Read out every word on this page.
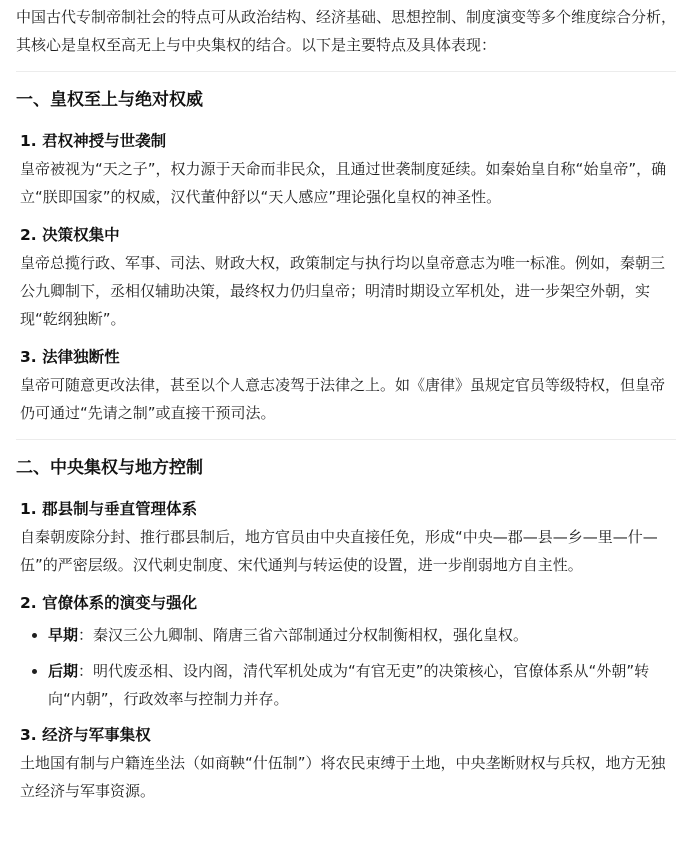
中国古代专制帝制社会的特点可从政治结构、经济基础、思想控制、制度演变等多个维度综合分析，其核心是皇权至高无上与中央集权的结合。以下是主要特点及具体表现：

一、皇权至上与绝对权威
1. 君权神授与世袭制

皇帝被视为“天之子”，权力源于天命而非民众，且通过世袭制度延续。如秦始皇自称“始皇帝”，确立“朕即国家”的权威，汉代董仲舒以“天人感应”理论强化皇权的神圣性。

2. 决策权集中

皇帝总揽行政、军事、司法、财政大权，政策制定与执行均以皇帝意志为唯一标准。例如，秦朝三公九卿制下，丞相仅辅助决策，最终权力仍归皇帝；明清时期设立军机处，进一步架空外朝，实现“乾纲独断”。

3. 法律独断性

皇帝可随意更改法律，甚至以个人意志凌驾于法律之上。如《唐律》虽规定官员等级特权，但皇帝仍可通过“先请之制”或直接干预司法。

二、中央集权与地方控制
1. 郡县制与垂直管理体系

自秦朝废除分封、推行郡县制后，地方官员由中央直接任免，形成“中央—郡—县—乡—里—什—伍”的严密层级。汉代刺史制度、宋代通判与转运使的设置，进一步削弱地方自主性。

2. 官僚体系的演变与强化
早期：秦汉三公九卿制、隋唐三省六部制通过分权制衡相权，强化皇权。
后期：明代废丞相、设内阁，清代军机处成为“有官无吏”的决策核心，官僚体系从“外朝”转向“内朝”，行政效率与控制力并存。
3. 经济与军事集权

土地国有制与户籍连坐法（如商鞅“什伍制”）将农民束缚于土地，中央垄断财权与兵权，地方无独立经济与军事资源。
